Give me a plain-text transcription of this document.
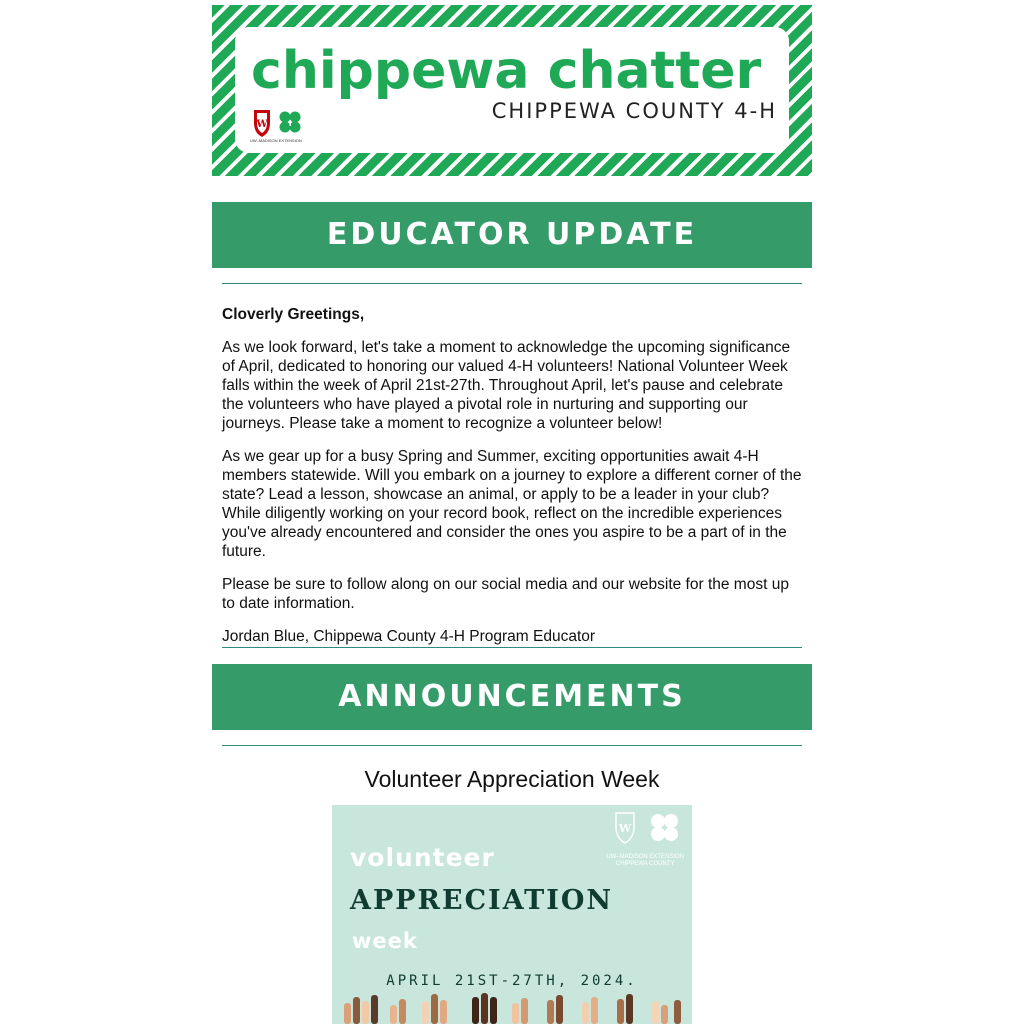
chippewa chatter
CHIPPEWA COUNTY 4-H
W
UW–MADISON EXTENSION
EDUCATOR UPDATE

Cloverly Greetings,

As we look forward, let's take a moment to acknowledge the upcoming significance of April, dedicated to honoring our valued 4-H volunteers! National Volunteer Week falls within the week of April 21st-27th. Throughout April, let's pause and celebrate the volunteers who have played a pivotal role in nurturing and supporting our journeys. Please take a moment to recognize a volunteer below!

As we gear up for a busy Spring and Summer, exciting opportunities await 4-H members statewide. Will you embark on a journey to explore a different corner of the state? Lead a lesson, showcase an animal, or apply to be a leader in your club? While diligently working on your record book, reflect on the incredible experiences you've already encountered and consider the ones you aspire to be a part of in the future.

Please be sure to follow along on our social media and our website for the most up to date information.

Jordan Blue, Chippewa County 4-H Program Educator

ANNOUNCEMENTS
Volunteer Appreciation Week
W
UW–MADISON EXTENSION
CHIPPEWA COUNTY
volunteer
APPRECIATION
week
APRIL 21ST-27TH, 2024.
